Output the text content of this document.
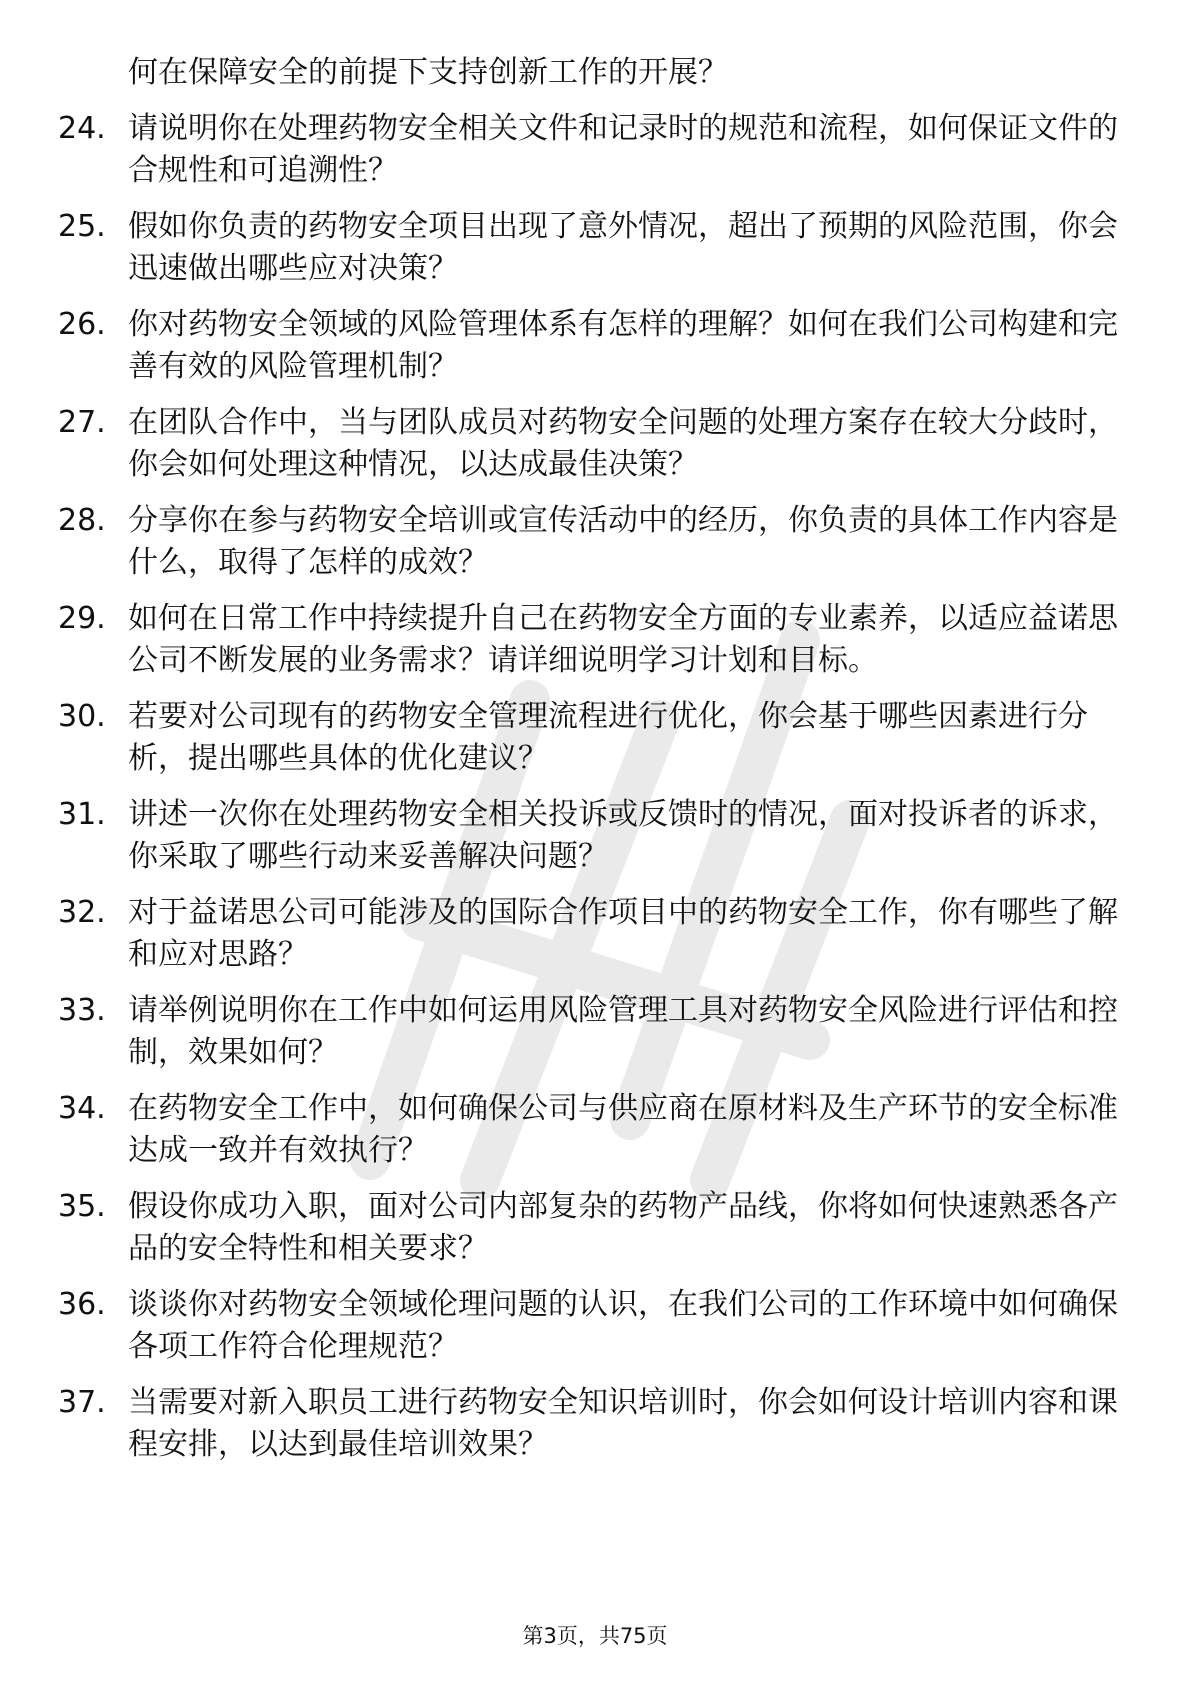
何在保障安全的前提下支持创新工作的开展？
24. 请说明你在处理药物安全相关文件和记录时的规范和流程，如何保证文件的合规性和可追溯性？
25. 假如你负责的药物安全项目出现了意外情况，超出了预期的风险范围，你会迅速做出哪些应对决策？
26. 你对药物安全领域的风险管理体系有怎样的理解？如何在我们公司构建和完善有效的风险管理机制？
27. 在团队合作中，当与团队成员对药物安全问题的处理方案存在较大分歧时，你会如何处理这种情况，以达成最佳决策？
28. 分享你在参与药物安全培训或宣传活动中的经历，你负责的具体工作内容是什么，取得了怎样的成效？
29. 如何在日常工作中持续提升自己在药物安全方面的专业素养，以适应益诺思公司不断发展的业务需求？请详细说明学习计划和目标。
30. 若要对公司现有的药物安全管理流程进行优化，你会基于哪些因素进行分析，提出哪些具体的优化建议？
31. 讲述一次你在处理药物安全相关投诉或反馈时的情况，面对投诉者的诉求，你采取了哪些行动来妥善解决问题？
32. 对于益诺思公司可能涉及的国际合作项目中的药物安全工作，你有哪些了解和应对思路？
33. 请举例说明你在工作中如何运用风险管理工具对药物安全风险进行评估和控制，效果如何？
34. 在药物安全工作中，如何确保公司与供应商在原材料及生产环节的安全标准达成一致并有效执行？
35. 假设你成功入职，面对公司内部复杂的药物产品线，你将如何快速熟悉各产品的安全特性和相关要求？
36. 谈谈你对药物安全领域伦理问题的认识，在我们公司的工作环境中如何确保各项工作符合伦理规范？
37. 当需要对新入职员工进行药物安全知识培训时，你会如何设计培训内容和课程安排，以达到最佳培训效果？
第3页，共75页
